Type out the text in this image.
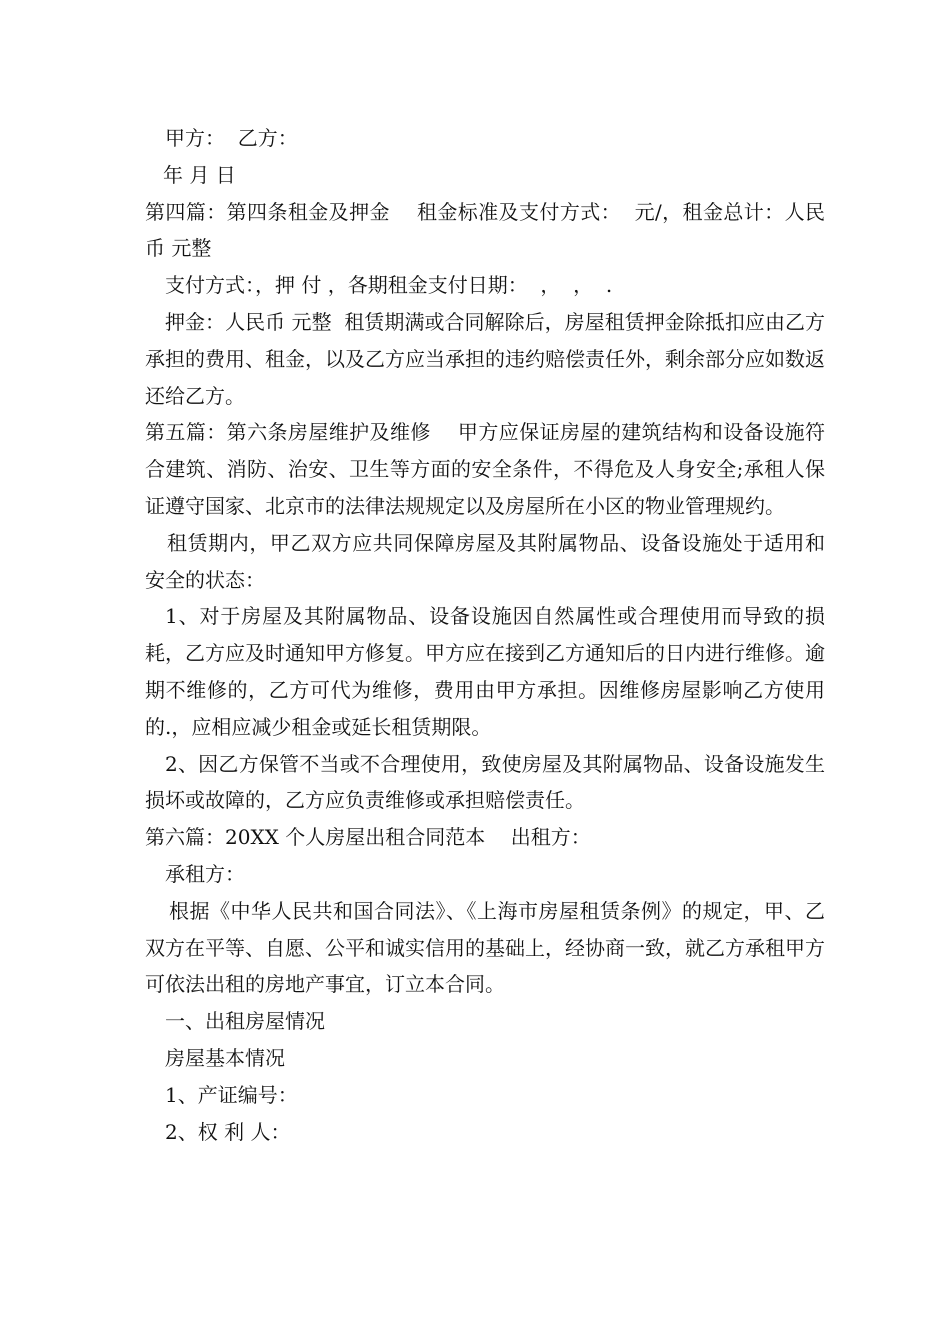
甲方：  乙方：

年 月 日

第四篇：第四条租金及押金    租金标准及支付方式：  元/，租金总计：人民币 元整

支付方式：，押 付 ，各期租金支付日期：  ，  ，  .

押金：人民币 元整  租赁期满或合同解除后，房屋租赁押金除抵扣应由乙方承担的费用、租金，以及乙方应当承担的违约赔偿责任外，剩余部分应如数返还给乙方。

第五篇：第六条房屋维护及维修    甲方应保证房屋的建筑结构和设备设施符合建筑、消防、治安、卫生等方面的安全条件，不得危及人身安全;承租人保证遵守国家、北京市的法律法规规定以及房屋所在小区的物业管理规约。

租赁期内，甲乙双方应共同保障房屋及其附属物品、设备设施处于适用和安全的状态：

1、对于房屋及其附属物品、设备设施因自然属性或合理使用而导致的损耗，乙方应及时通知甲方修复。甲方应在接到乙方通知后的日内进行维修。逾期不维修的，乙方可代为维修，费用由甲方承担。因维修房屋影响乙方使用的.，应相应减少租金或延长租赁期限。

2、因乙方保管不当或不合理使用，致使房屋及其附属物品、设备设施发生损坏或故障的，乙方应负责维修或承担赔偿责任。

第六篇：20XX 个人房屋出租合同范本    出租方：

承租方：

根据《中华人民共和国合同法》、《上海市房屋租赁条例》的规定，甲、乙双方在平等、自愿、公平和诚实信用的基础上，经协商一致，就乙方承租甲方可依法出租的房地产事宜，订立本合同。

一、出租房屋情况

房屋基本情况

1、产证编号：

2、权 利 人：
